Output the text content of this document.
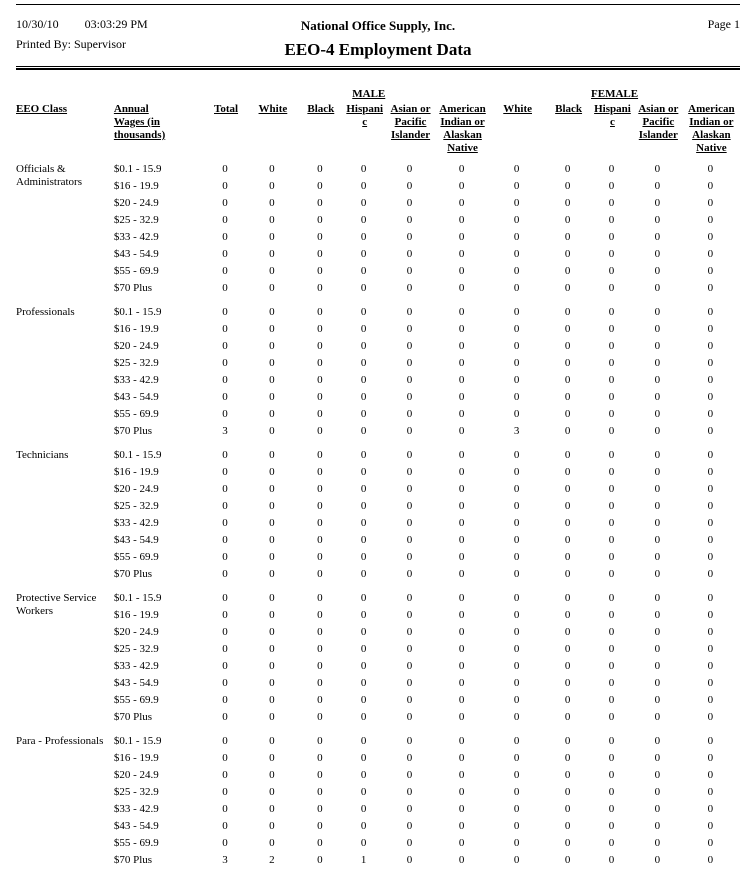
10/30/10 03:03:29 PM
Printed By: Supervisor
National Office Supply, Inc.
EEO-4 Employment Data
Page 1
			MALE					FEMALE				
EEO Class	Annual Wages (in thousands)	Total	White	Black	Hispanic	Asian or Pacific Islander	American Indian or Alaskan Native	White	Black	Hispanic	Asian or Pacific Islander	American Indian or Alaskan Native

Officials & Administrators	$0.1 - 15.9	0	0	0	0	0	0	0	0	0	0	0
	$16 - 19.9	0	0	0	0	0	0	0	0	0	0	0
	$20 - 24.9	0	0	0	0	0	0	0	0	0	0	0
	$25 - 32.9	0	0	0	0	0	0	0	0	0	0	0
	$33 - 42.9	0	0	0	0	0	0	0	0	0	0	0
	$43 - 54.9	0	0	0	0	0	0	0	0	0	0	0
	$55 - 69.9	0	0	0	0	0	0	0	0	0	0	0
	$70 Plus	0	0	0	0	0	0	0	0	0	0	0

Professionals	$0.1 - 15.9	0	0	0	0	0	0	0	0	0	0	0
	$16 - 19.9	0	0	0	0	0	0	0	0	0	0	0
	$20 - 24.9	0	0	0	0	0	0	0	0	0	0	0
	$25 - 32.9	0	0	0	0	0	0	0	0	0	0	0
	$33 - 42.9	0	0	0	0	0	0	0	0	0	0	0
	$43 - 54.9	0	0	0	0	0	0	0	0	0	0	0
	$55 - 69.9	0	0	0	0	0	0	0	0	0	0	0
	$70 Plus	3	0	0	0	0	0	3	0	0	0	0

Technicians	$0.1 - 15.9	0	0	0	0	0	0	0	0	0	0	0
	$16 - 19.9	0	0	0	0	0	0	0	0	0	0	0
	$20 - 24.9	0	0	0	0	0	0	0	0	0	0	0
	$25 - 32.9	0	0	0	0	0	0	0	0	0	0	0
	$33 - 42.9	0	0	0	0	0	0	0	0	0	0	0
	$43 - 54.9	0	0	0	0	0	0	0	0	0	0	0
	$55 - 69.9	0	0	0	0	0	0	0	0	0	0	0
	$70 Plus	0	0	0	0	0	0	0	0	0	0	0

Protective Service Workers	$0.1 - 15.9	0	0	0	0	0	0	0	0	0	0	0
	$16 - 19.9	0	0	0	0	0	0	0	0	0	0	0
	$20 - 24.9	0	0	0	0	0	0	0	0	0	0	0
	$25 - 32.9	0	0	0	0	0	0	0	0	0	0	0
	$33 - 42.9	0	0	0	0	0	0	0	0	0	0	0
	$43 - 54.9	0	0	0	0	0	0	0	0	0	0	0
	$55 - 69.9	0	0	0	0	0	0	0	0	0	0	0
	$70 Plus	0	0	0	0	0	0	0	0	0	0	0

Para - Professionals	$0.1 - 15.9	0	0	0	0	0	0	0	0	0	0	0
	$16 - 19.9	0	0	0	0	0	0	0	0	0	0	0
	$20 - 24.9	0	0	0	0	0	0	0	0	0	0	0
	$25 - 32.9	0	0	0	0	0	0	0	0	0	0	0
	$33 - 42.9	0	0	0	0	0	0	0	0	0	0	0
	$43 - 54.9	0	0	0	0	0	0	0	0	0	0	0
	$55 - 69.9	0	0	0	0	0	0	0	0	0	0	0
	$70 Plus	3	2	0	1	0	0	0	0	0	0	0
